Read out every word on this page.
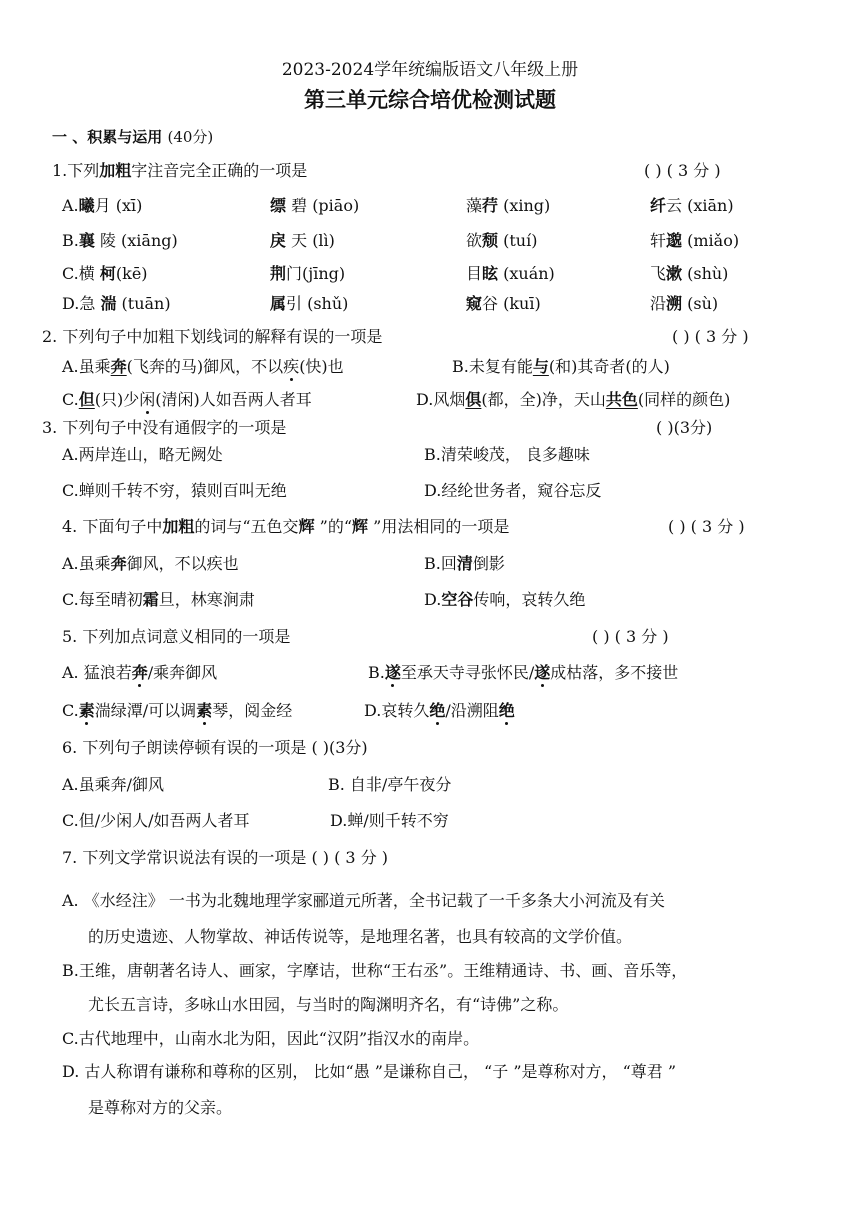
2023-2024学年统编版语文八年级上册
第三单元综合培优检测试题
一 、积累与运用 (40分)
1.下列加粗字注音完全正确的一项是	( ) ( 3 分 )
A.曦月 (xī)	缥 碧 (piāo)	藻荇 (xing)	纤云 (xiān)
B.襄 陵 (xiāng)	戾 天 (lì)	欲颓 (tuí)	轩邈 (miǎo)
C.横 柯(kē)	荆门(jīng)	目眩 (xuán)	飞漱 (shù)
D.急 湍 (tuān)	属引 (shǔ)	窥谷 (kuī)	沿溯 (sù)
2. 下列句子中加粗下划线词的解释有误的一项是	( ) ( 3 分 )
A.虽乘奔(飞奔的马)御风，不以疾(快)也	B.未复有能与(和)其奇者(的人)
C.但(只)少闲(清闲)人如吾两人者耳	D.风烟俱(都，全)净，天山共色(同样的颜色)
3. 下列句子中没有通假字的一项是	( )(3分)
A.两岸连山，略无阙处	B.清荣峻茂， 良多趣味
C.蝉则千转不穷，猿则百叫无绝	D.经纶世务者，窥谷忘反
4. 下面句子中加粗的词与“五色交辉 ”的“辉 ”用法相同的一项是	( ) ( 3 分 )
A.虽乘奔御风，不以疾也	B.回清倒影
C.每至晴初霜旦，林寒涧肃	D.空谷传响，哀转久绝
5. 下列加点词意义相同的一项是	( ) ( 3 分 )
A. 猛浪若奔/乘奔御风	B.遂至承天寺寻张怀民/遂成枯落，多不接世
C.素湍绿潭/可以调素琴，阅金经	D.哀转久绝/沿溯阻绝
6. 下列句子朗读停顿有误的一项是 ( )(3分)
A.虽乘奔/御风	B. 自非/亭午夜分
C.但/少闲人/如吾两人者耳	D.蝉/则千转不穷
7. 下列文学常识说法有误的一项是 ( ) ( 3 分 )
A. 《水经注》 一书为北魏地理学家郦道元所著，全书记载了一千多条大小河流及有关
的历史遗迹、人物掌故、神话传说等，是地理名著，也具有较高的文学价值。
B.王维，唐朝著名诗人、画家，字摩诘，世称“王右丞”。王维精通诗、书、画、音乐等，
尤长五言诗，多咏山水田园，与当时的陶渊明齐名，有“诗佛”之称。
C.古代地理中，山南水北为阳，因此“汉阴”指汉水的南岸。
D. 古人称谓有谦称和尊称的区别， 比如“愚 ”是谦称自己， “子 ”是尊称对方， “尊君 ”
是尊称对方的父亲。
